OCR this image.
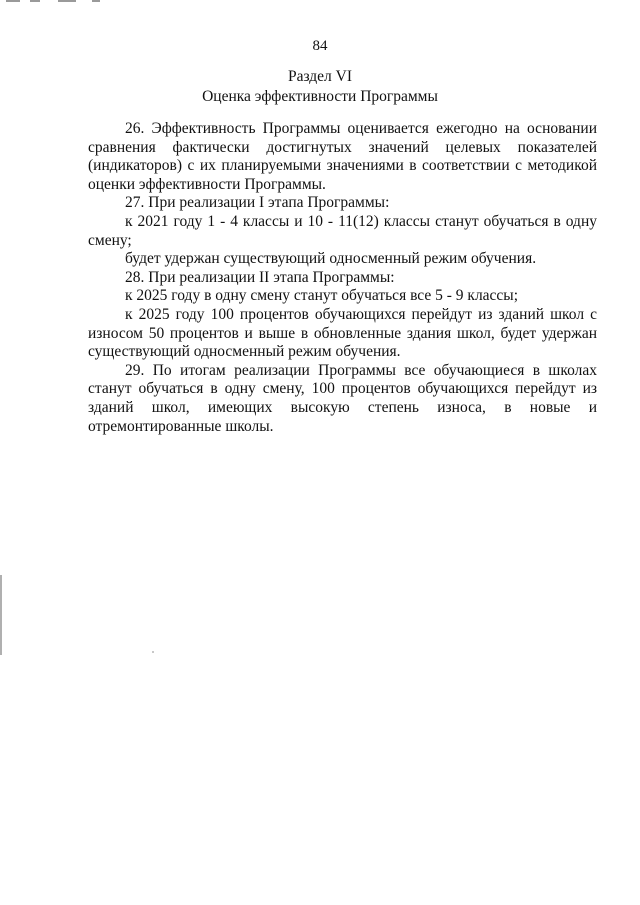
84
Раздел VI
Оценка эффективности Программы

26. Эффективность Программы оценивается ежегодно на основании сравнения фактически достигнутых значений целевых показателей (индикаторов) с их планируемыми значениями в соответствии с методикой оценки эффективности Программы.

27. При реализации I этапа Программы:

к 2021 году 1 - 4 классы и 10 - 11(12) классы станут обучаться в одну смену;

будет удержан существующий односменный режим обучения.

28. При реализации II этапа Программы:

к 2025 году в одну смену станут обучаться все 5 - 9 классы;

к 2025 году 100 процентов обучающихся перейдут из зданий школ с износом 50 процентов и выше в обновленные здания школ, будет удержан существующий односменный режим обучения.

29. По итогам реализации Программы все обучающиеся в школах станут обучаться в одну смену, 100 процентов обучающихся перейдут из зданий школ, имеющих высокую степень износа, в новые и

отремонтированные школы.
